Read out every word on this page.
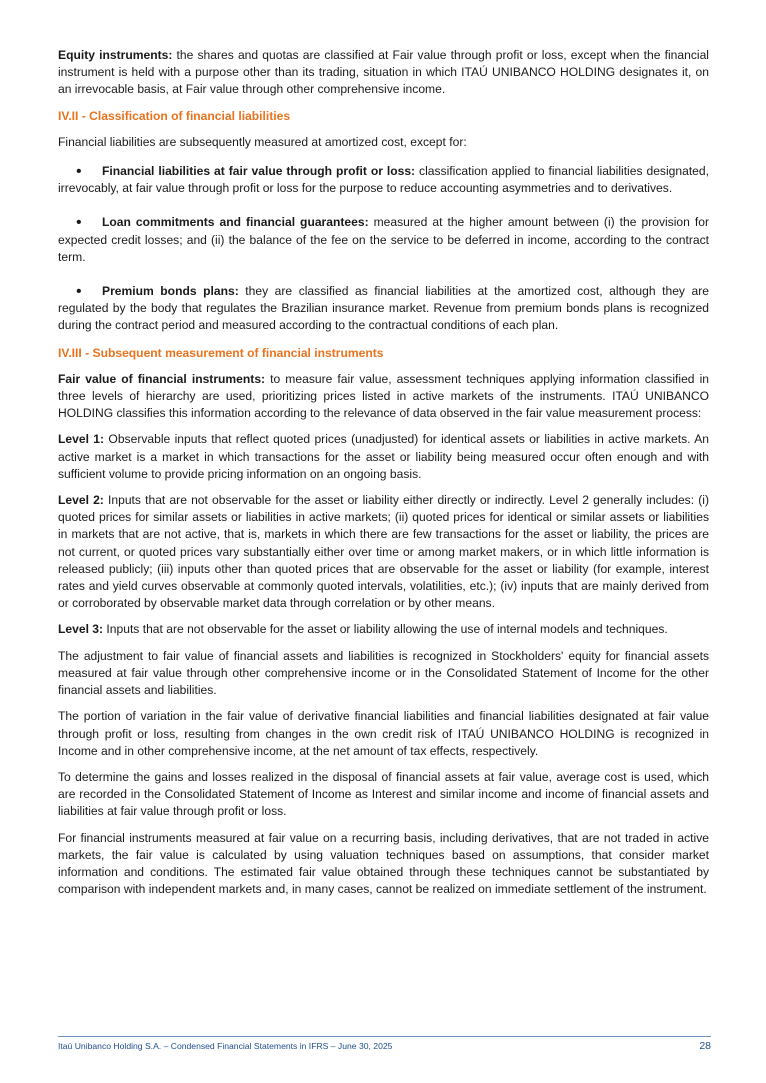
Equity instruments: the shares and quotas are classified at Fair value through profit or loss, except when the financial instrument is held with a purpose other than its trading, situation in which ITAÚ UNIBANCO HOLDING designates it, on an irrevocable basis, at Fair value through other comprehensive income.

IV.II - Classification of financial liabilities

Financial liabilities are subsequently measured at amortized cost, except for:

• Financial liabilities at fair value through profit or loss: classification applied to financial liabilities designated, irrevocably, at fair value through profit or loss for the purpose to reduce accounting asymmetries and to derivatives.
• Loan commitments and financial guarantees: measured at the higher amount between (i) the provision for expected credit losses; and (ii) the balance of the fee on the service to be deferred in income, according to the contract term.
• Premium bonds plans: they are classified as financial liabilities at the amortized cost, although they are regulated by the body that regulates the Brazilian insurance market. Revenue from premium bonds plans is recognized during the contract period and measured according to the contractual conditions of each plan.
IV.III - Subsequent measurement of financial instruments

Fair value of financial instruments: to measure fair value, assessment techniques applying information classified in three levels of hierarchy are used, prioritizing prices listed in active markets of the instruments. ITAÚ UNIBANCO HOLDING classifies this information according to the relevance of data observed in the fair value measurement process:

Level 1: Observable inputs that reflect quoted prices (unadjusted) for identical assets or liabilities in active markets. An active market is a market in which transactions for the asset or liability being measured occur often enough and with sufficient volume to provide pricing information on an ongoing basis.

Level 2: Inputs that are not observable for the asset or liability either directly or indirectly. Level 2 generally includes: (i) quoted prices for similar assets or liabilities in active markets; (ii) quoted prices for identical or similar assets or liabilities in markets that are not active, that is, markets in which there are few transactions for the asset or liability, the prices are not current, or quoted prices vary substantially either over time or among market makers, or in which little information is released publicly; (iii) inputs other than quoted prices that are observable for the asset or liability (for example, interest rates and yield curves observable at commonly quoted intervals, volatilities, etc.); (iv) inputs that are mainly derived from or corroborated by observable market data through correlation or by other means.

Level 3: Inputs that are not observable for the asset or liability allowing the use of internal models and techniques.

The adjustment to fair value of financial assets and liabilities is recognized in Stockholders' equity for financial assets measured at fair value through other comprehensive income or in the Consolidated Statement of Income for the other financial assets and liabilities.

The portion of variation in the fair value of derivative financial liabilities and financial liabilities designated at fair value through profit or loss, resulting from changes in the own credit risk of ITAÚ UNIBANCO HOLDING is recognized in Income and in other comprehensive income, at the net amount of tax effects, respectively.

To determine the gains and losses realized in the disposal of financial assets at fair value, average cost is used, which are recorded in the Consolidated Statement of Income as Interest and similar income and income of financial assets and liabilities at fair value through profit or loss.

For financial instruments measured at fair value on a recurring basis, including derivatives, that are not traded in active markets, the fair value is calculated by using valuation techniques based on assumptions, that consider market information and conditions. The estimated fair value obtained through these techniques cannot be substantiated by comparison with independent markets and, in many cases, cannot be realized on immediate settlement of the instrument.

Itaú Unibanco Holding S.A. – Condensed Financial Statements in IFRS – June 30, 2025	28
